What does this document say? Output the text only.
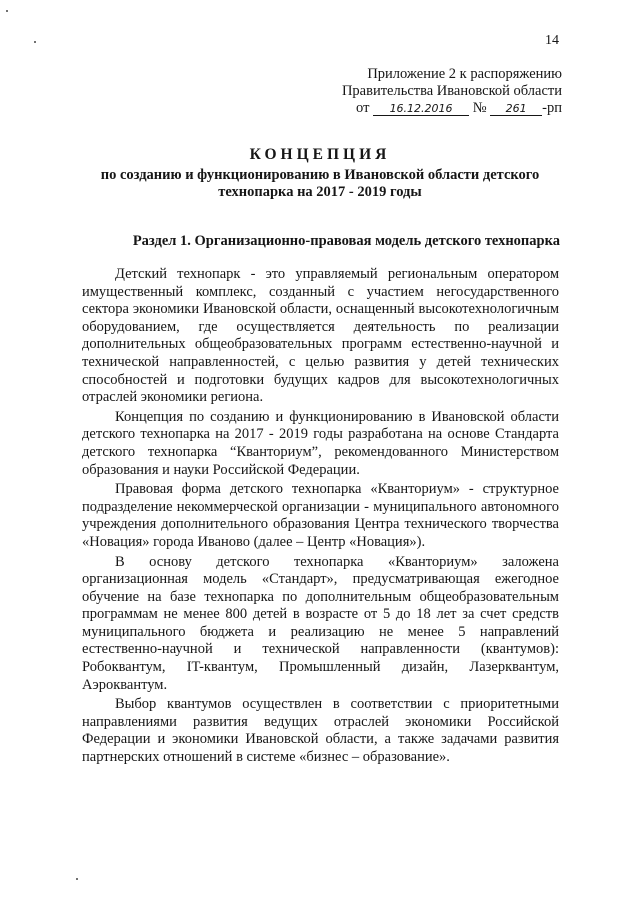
14
Приложение 2 к распоряжению
Правительства Ивановской области
от 16.12.2016 № 261 -рп
КОНЦЕПЦИЯ
по созданию и функционированию в Ивановской области детского
технопарка на 2017 - 2019 годы
Раздел 1. Организационно-правовая модель детского технопарка

Детский технопарк - это управляемый региональным оператором имущественный комплекс, созданный с участием негосударственного сектора экономики Ивановской области, оснащенный высокотехнологичным оборудованием, где осуществляется деятельность по реализации дополнительных общеобразовательных программ естественно-научной и технической направленностей, с целью развития у детей технических способностей и подготовки будущих кадров для высокотехнологичных отраслей экономики региона.

Концепция по созданию и функционированию в Ивановской области детского технопарка на 2017 - 2019 годы разработана на основе Стандарта детского технопарка “Кванториум”, рекомендованного Министерством образования и науки Российской Федерации.

Правовая форма детского технопарка «Кванториум» - структурное подразделение некоммерческой организации - муниципального автономного учреждения дополнительного образования Центра технического творчества «Новация» города Иваново (далее – Центр «Новация»).

В основу детского технопарка «Кванториум» заложена организационная модель «Стандарт», предусматривающая ежегодное обучение на базе технопарка по дополнительным общеобразовательным программам не менее 800 детей в возрасте от 5 до 18 лет за счет средств муниципального бюджета и реализацию не менее 5 направлений естественно-научной и технической направленности (квантумов): Робоквантум, IT-квантум, Промышленный дизайн, Лазерквантум, Аэроквантум.

Выбор квантумов осуществлен в соответствии с приоритетными направлениями развития ведущих отраслей экономики Российской Федерации и экономики Ивановской области, а также задачами развития партнерских отношений в системе «бизнес – образование».
